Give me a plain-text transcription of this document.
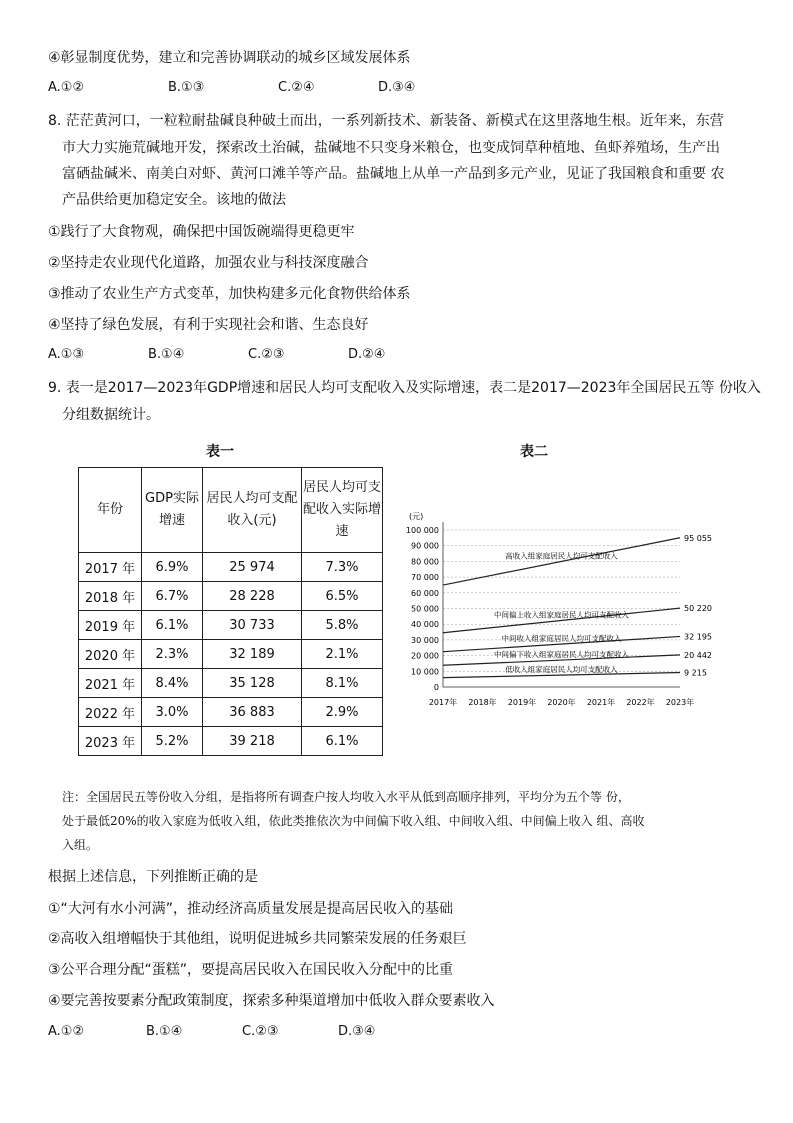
④彰显制度优势，建立和完善协调联动的城乡区域发展体系
A.①②	B.①③	C.②④	D.③④
8. 茫茫黄河口，一粒粒耐盐碱良种破土而出，一系列新技术、新装备、新模式在这里落地生根。近年来，东营
市大力实施荒碱地开发，探索改土治碱，盐碱地不只变身米粮仓，也变成饲草种植地、鱼虾养殖场，生产出
富硒盐碱米、南美白对虾、黄河口滩羊等产品。盐碱地上从单一产品到多元产业，见证了我国粮食和重要 农
产品供给更加稳定安全。该地的做法
①践行了大食物观，确保把中国饭碗端得更稳更牢
②坚持走农业现代化道路，加强农业与科技深度融合
③推动了农业生产方式变革，加快构建多元化食物供给体系
④坚持了绿色发展，有利于实现社会和谐、生态良好
A.①③	B.①④	C.②③	D.②④
9. 表一是2017—2023年GDP增速和居民人均可支配收入及实际增速，表二是2017—2023年全国居民五等 份收入
分组数据统计。
表一
年份	GDP实际增速	居民人均可支配收入(元)	居民人均可支配收入实际增速
2017 年	6.9%	25 974	7.3%
2018 年	6.7%	28 228	6.5%
2019 年	6.1%	30 733	5.8%
2020 年	2.3%	32 189	2.1%
2021 年	8.4%	35 128	8.1%
2022 年	3.0%	36 883	2.9%
2023 年	5.2%	39 218	6.1%
表二
(元)
0
10 000
20 000
30 000
40 000
50 000
60 000
70 000
80 000
90 000
100 000
2017年 2018年 2019年 2020年 2021年 2022年 2023年
高收入组家庭居民人均可支配收入
95 055
中间偏上收入组家庭居民人均可支配收入
50 220
中间收入组家庭居民人均可支配收入	32 195
中间偏下收入组家庭居民人均可支配收入	20 442
低收入组家庭居民人均可支配收入	9 215
注：全国居民五等份收入分组，是指将所有调查户按人均收入水平从低到高顺序排列，平均分为五个等 份，
处于最低20%的收入家庭为低收入组，依此类推依次为中间偏下收入组、中间收入组、中间偏上收入 组、高收
入组。
根据上述信息，下列推断正确的是
①“大河有水小河满”，推动经济高质量发展是提高居民收入的基础
②高收入组增幅快于其他组，说明促进城乡共同繁荣发展的任务艰巨
③公平合理分配“蛋糕”，要提高居民收入在国民收入分配中的比重
④要完善按要素分配政策制度，探索多种渠道增加中低收入群众要素收入
A.①②	B.①④	C.②③	D.③④
